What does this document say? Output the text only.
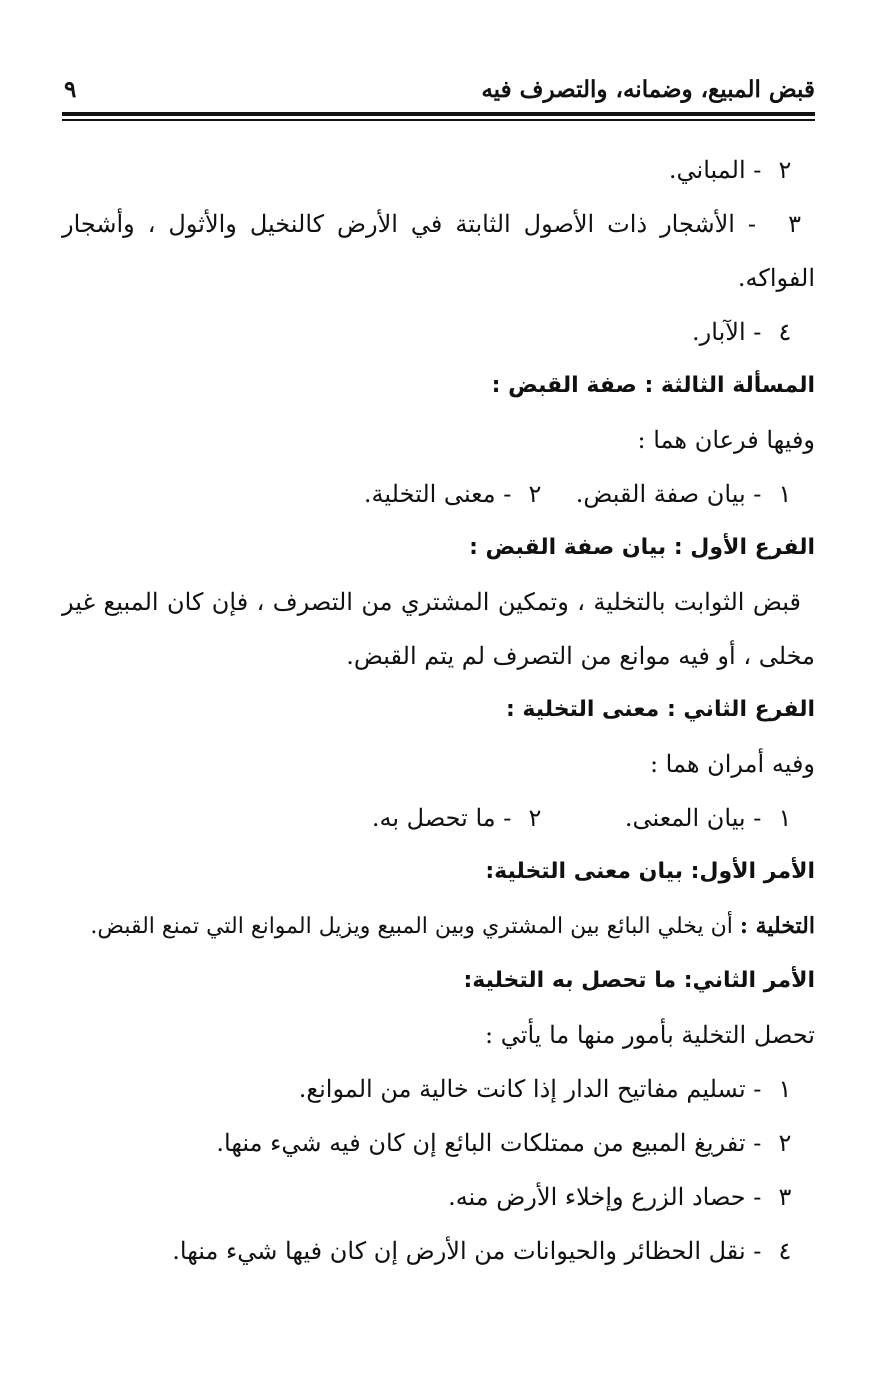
قبض المبيع، وضمانه، والتصرف فيه
٩
٢ - المباني.
٣ - الأشجار ذات الأصول الثابتة في الأرض كالنخيل والأثول ، وأشجار
الفواكه.
٤ - الآبار.
المسألة الثالثة : صفة القبض :
وفيها فرعان هما :
١ - بيان صفة القبض.
٢ - معنى التخلية.
الفرع الأول : بيان صفة القبض :
قبض الثوابت بالتخلية ، وتمكين المشتري من التصرف ، فإن كان المبيع غير
مخلى ، أو فيه موانع من التصرف لم يتم القبض.
الفرع الثاني : معنى التخلية :
وفيه أمران هما :
١ - بيان المعنى.
٢ - ما تحصل به.
الأمر الأول: بيان معنى التخلية:
التخلية : أن يخلي البائع بين المشتري وبين المبيع ويزيل الموانع التي تمنع القبض.
الأمر الثاني: ما تحصل به التخلية:
تحصل التخلية بأمور منها ما يأتي :
١ - تسليم مفاتيح الدار إذا كانت خالية من الموانع.
٢ - تفريغ المبيع من ممتلكات البائع إن كان فيه شيء منها.
٣ - حصاد الزرع وإخلاء الأرض منه.
٤ - نقل الحظائر والحيوانات من الأرض إن كان فيها شيء منها.
